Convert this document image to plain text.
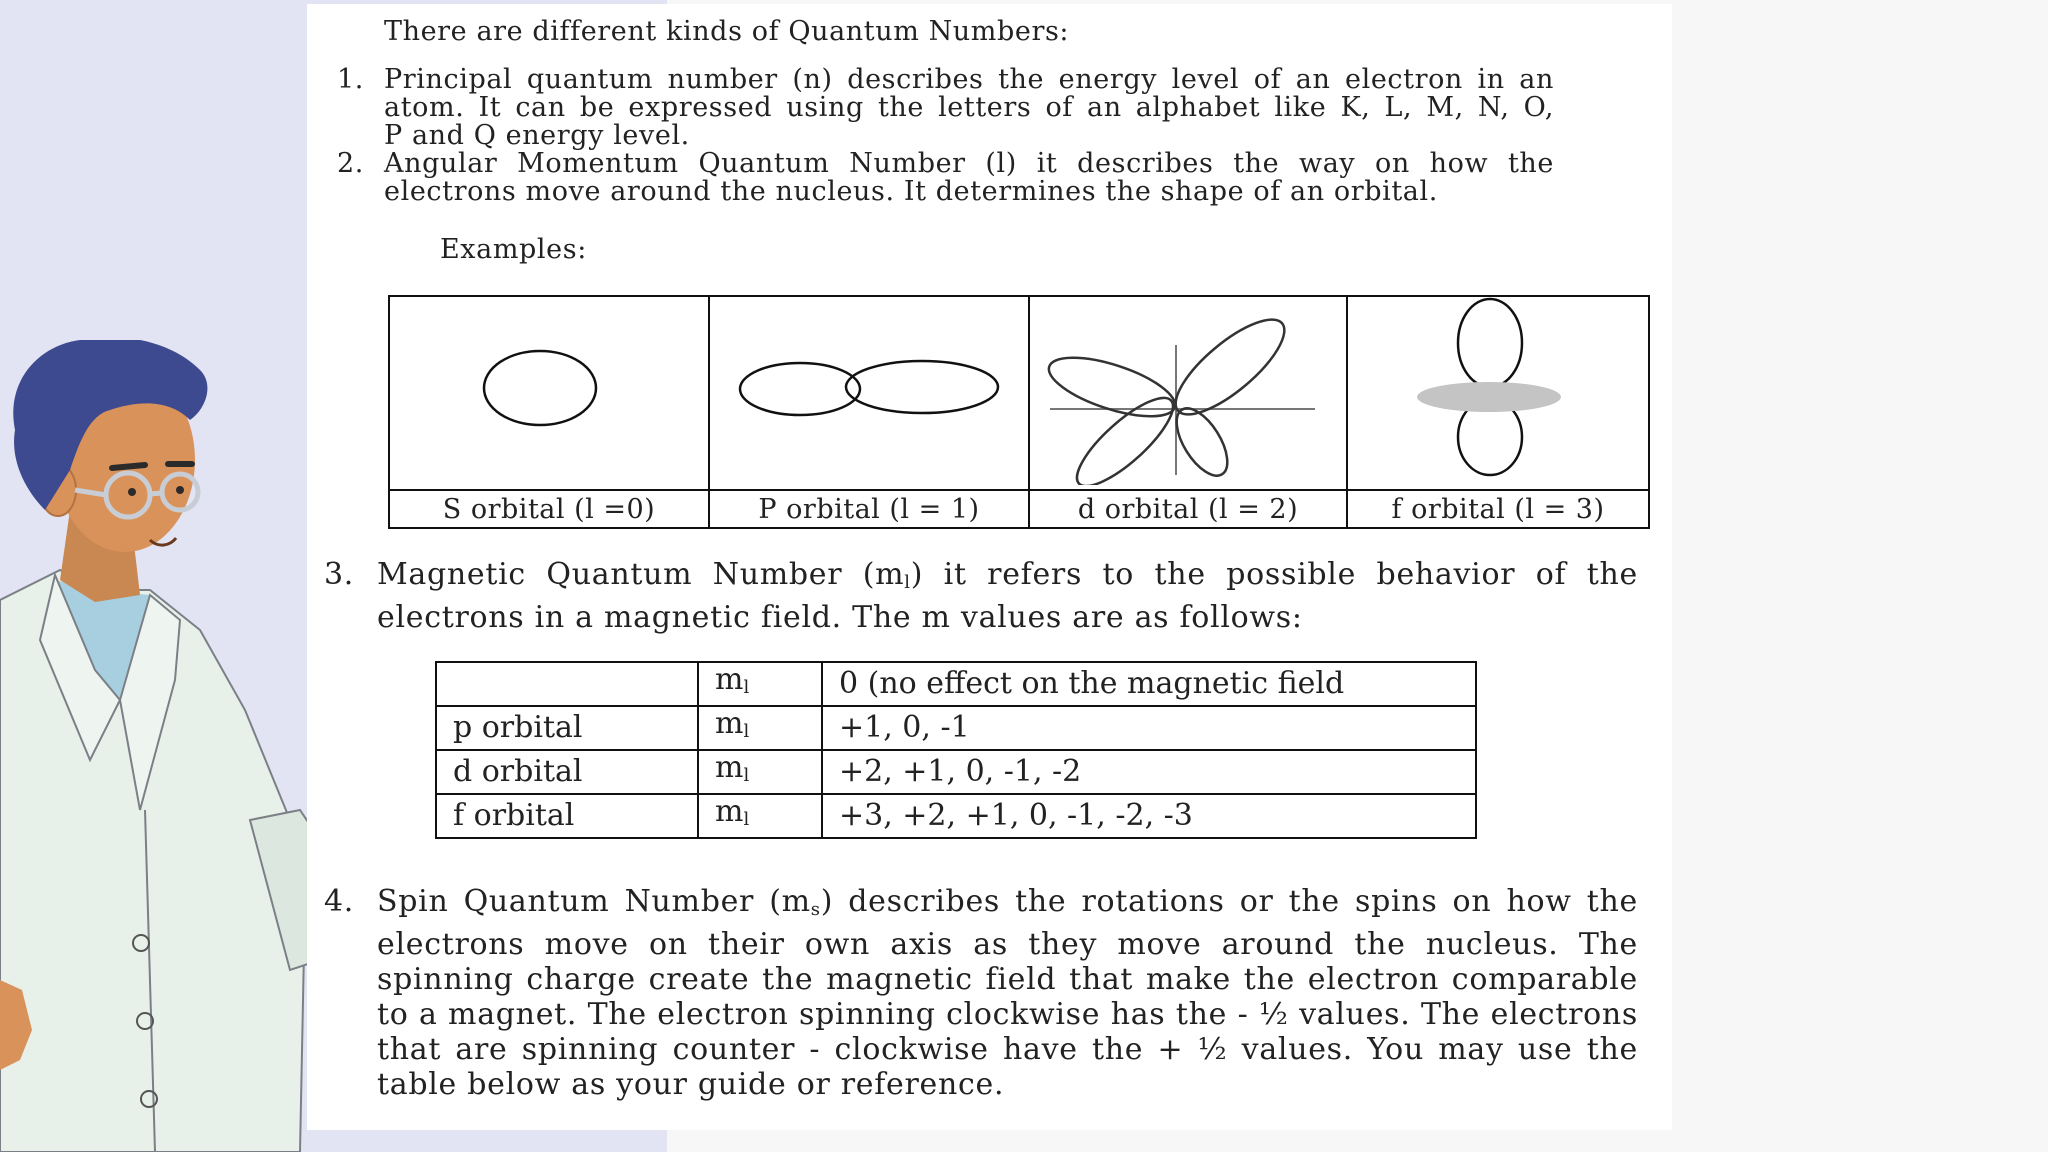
There are different kinds of Quantum Numbers:
1. Principal quantum number (n) describes the energy level of an electron in an
atom. It can be expressed using the letters of an alphabet like K, L, M, N, O,
P and Q energy level.
2. Angular Momentum Quantum Number (l) it describes the way on how the
electrons move around the nucleus. It determines the shape of an orbital.
Examples:

S orbital (l =0)	P orbital (l = 1)	d orbital (l = 2)	f orbital (l = 3)
3. Magnetic Quantum Number $(m_l)$ it refers to the possible behavior of the
electrons in a magnetic field. The m values are as follows:
	$m_l$	0 (no effect on the magnetic field
p orbital	$m_l$	+1, 0, -1
d orbital	$m_l$	+2, +1, 0, -1, -2
f orbital	$m_l$	+3, +2, +1, 0, -1, -2, -3
4. Spin Quantum Number $(m_s)$ describes the rotations or the spins on how the
electrons move on their own axis as they move around the nucleus. The
spinning charge create the magnetic field that make the electron comparable
to a magnet. The electron spinning clockwise has the - ½ values. The electrons
that are spinning counter - clockwise have the + ½ values. You may use the
table below as your guide or reference.
